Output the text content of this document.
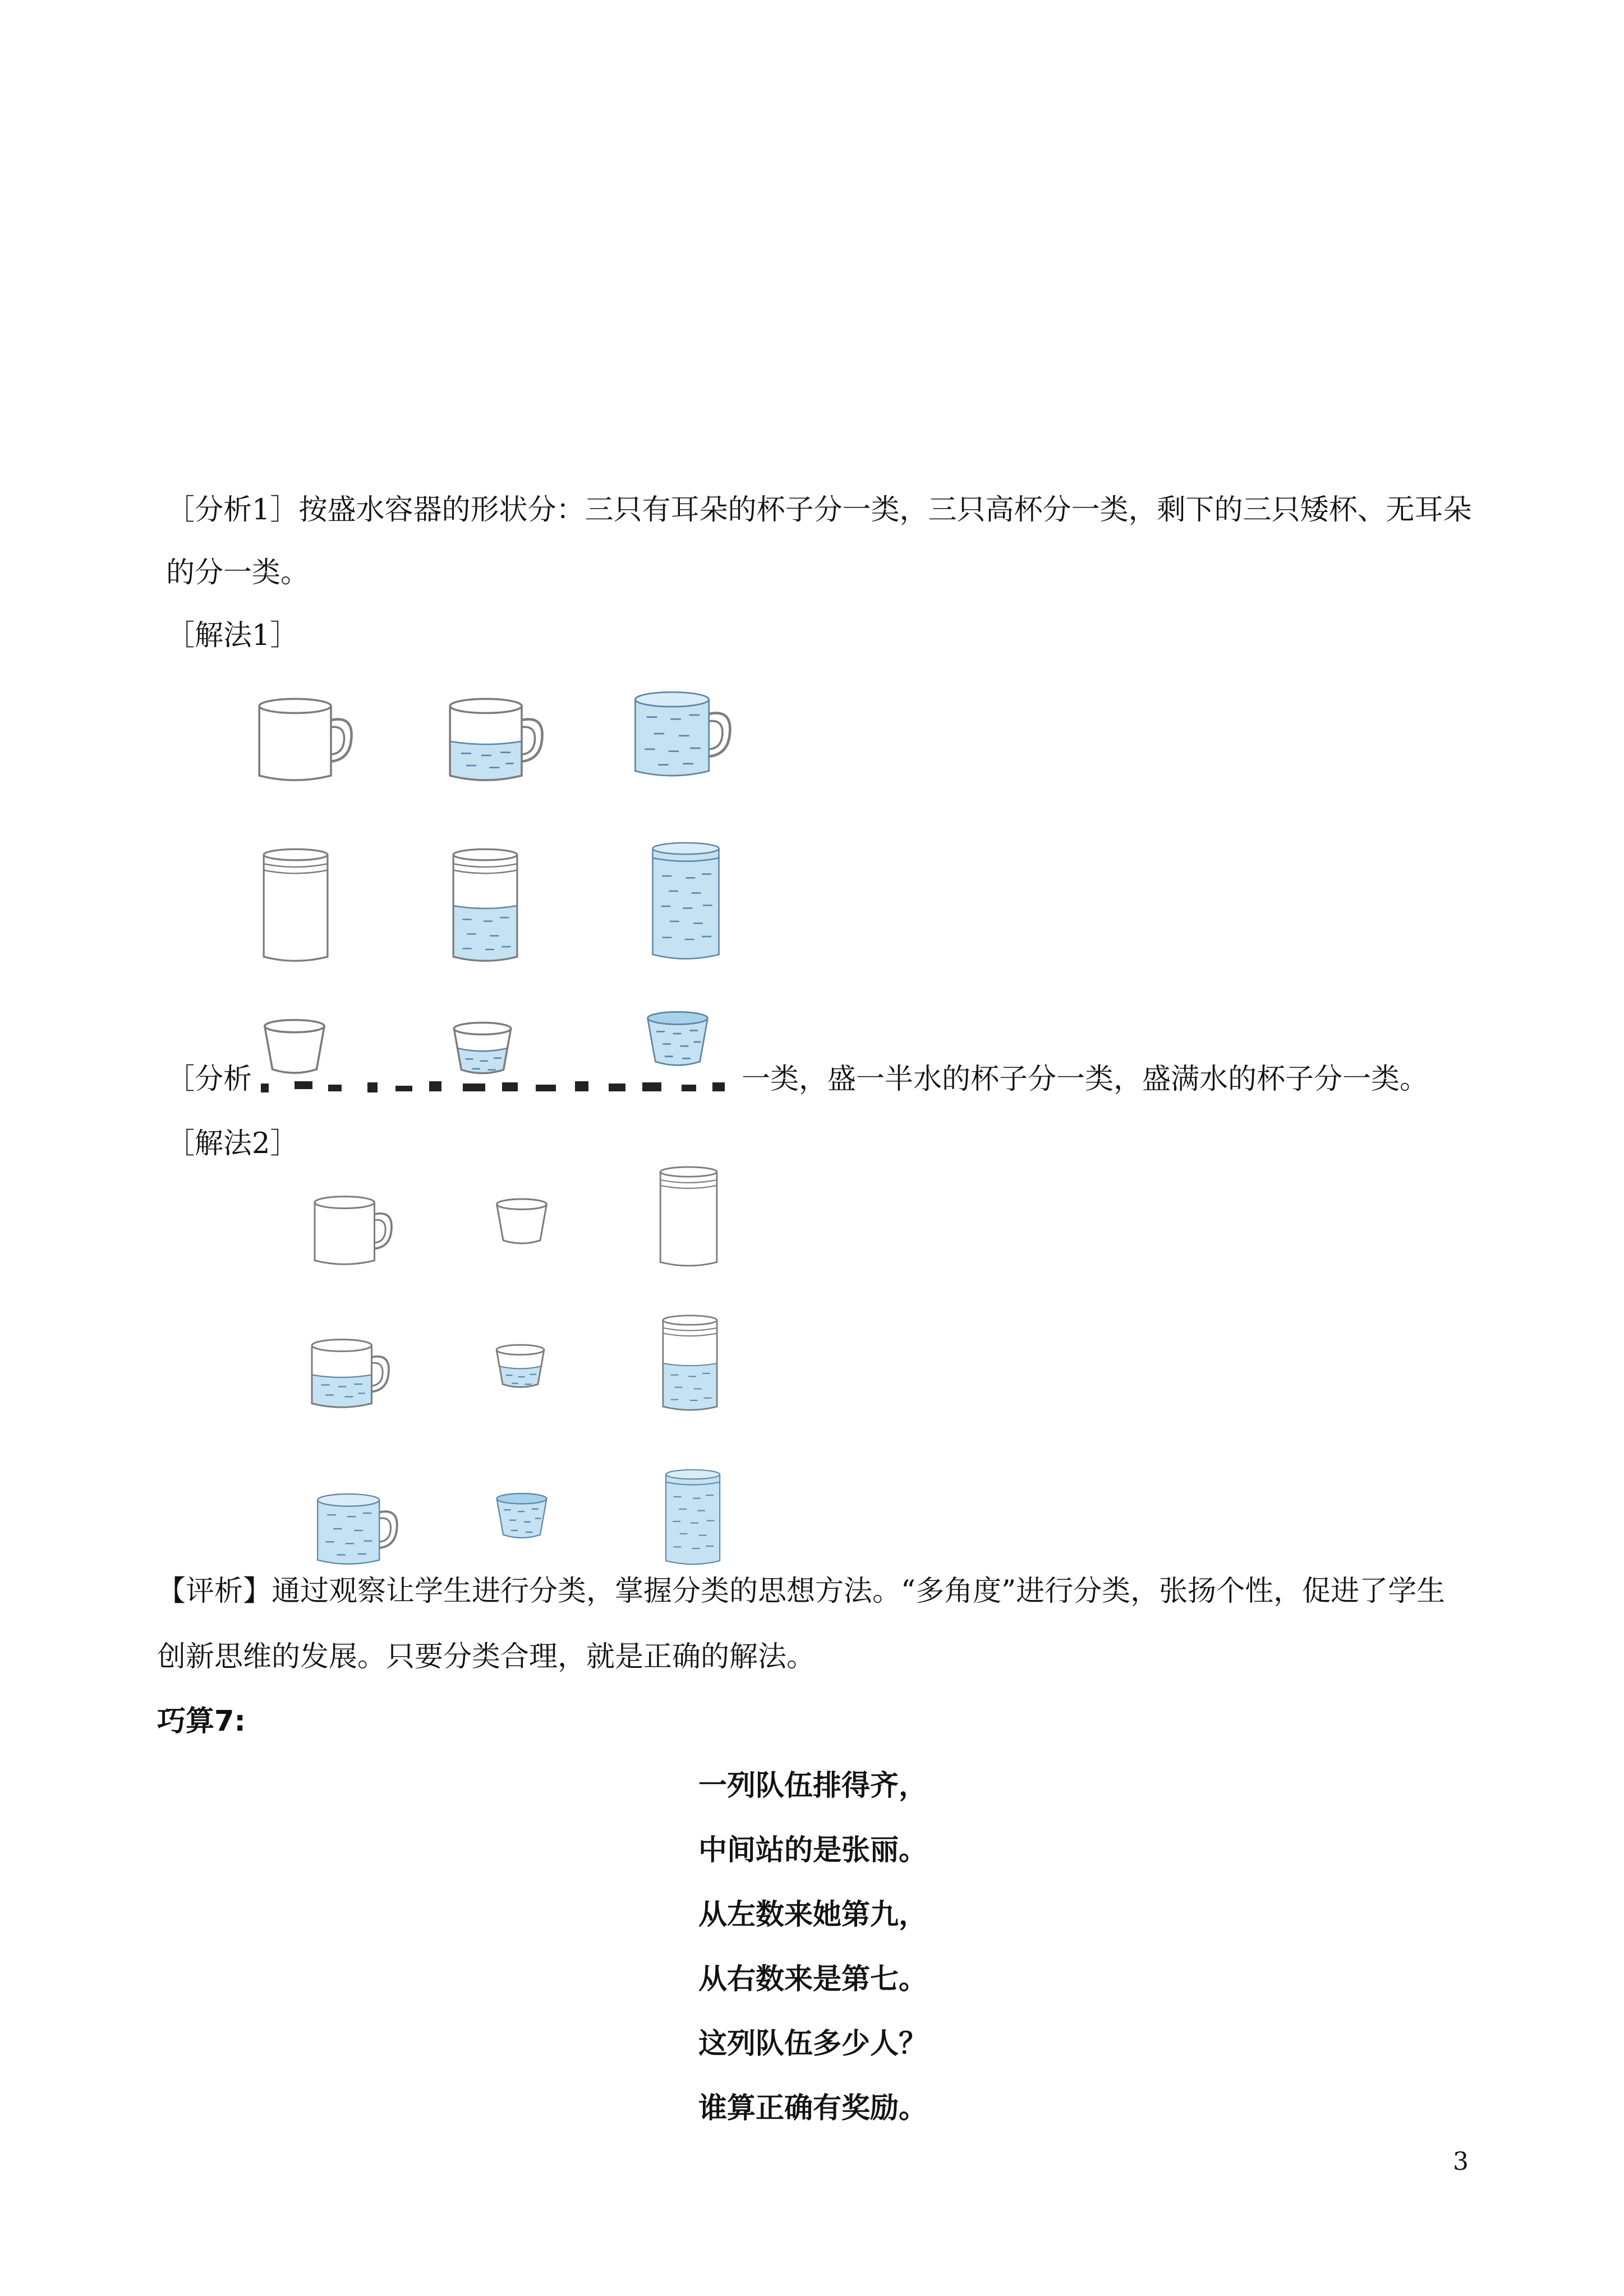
［分析1］按盛水容器的形状分：三只有耳朵的杯子分一类，三只高杯分一类，剩下的三只矮杯、无耳朵

的分一类。

［解法1］

［分析	一类，盛一半水的杯子分一类，盛满水的杯子分一类。

［解法2］

【评析】通过观察让学生进行分类，掌握分类的思想方法。“多角度”进行分类，张扬个性，促进了学生

创新思维的发展。只要分类合理，就是正确的解法。

巧算7:

一列队伍排得齐，

中间站的是张丽。

从左数来她第九，

从右数来是第七。

这列队伍多少人？

谁算正确有奖励。

3
